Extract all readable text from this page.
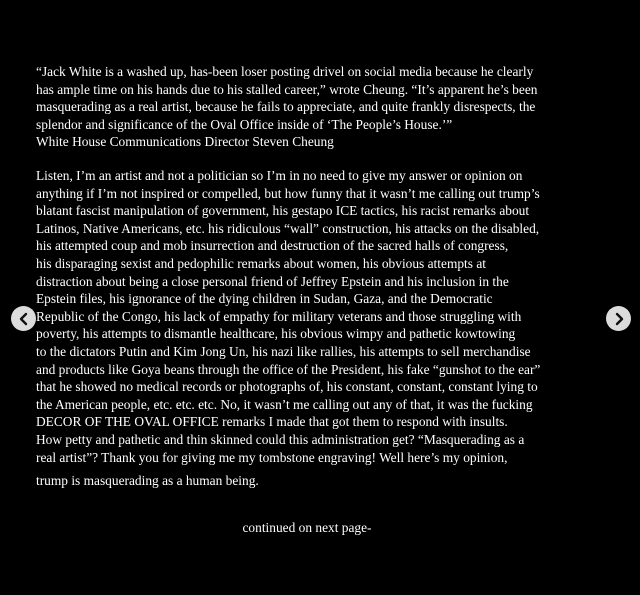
“Jack White is a washed up, has-been loser posting drivel on social media because he clearly
has ample time on his hands due to his stalled career,” wrote Cheung. “It’s apparent he’s been
masquerading as a real artist, because he fails to appreciate, and quite frankly disrespects, the
splendor and significance of the Oval Office inside of ‘The People’s House.’”
White House Communications Director Steven Cheung
Listen, I’m an artist and not a politician so I’m in no need to give my answer or opinion on
anything if I’m not inspired or compelled, but how funny that it wasn’t me calling out trump’s
blatant fascist manipulation of government, his gestapo ICE tactics, his racist remarks about
Latinos, Native Americans, etc. his ridiculous “wall” construction, his attacks on the disabled,
his attempted coup and mob insurrection and destruction of the sacred halls of congress,
his disparaging sexist and pedophilic remarks about women, his obvious attempts at
distraction about being a close personal friend of Jeffrey Epstein and his inclusion in the
Epstein files, his ignorance of the dying children in Sudan, Gaza, and the Democratic
Republic of the Congo, his lack of empathy for military veterans and those struggling with
poverty, his attempts to dismantle healthcare, his obvious wimpy and pathetic kowtowing
to the dictators Putin and Kim Jong Un, his nazi like rallies, his attempts to sell merchandise
and products like Goya beans through the office of the President, his fake “gunshot to the ear”
that he showed no medical records or photographs of, his constant, constant, constant lying to
the American people, etc. etc. etc. No, it wasn’t me calling out any of that, it was the fucking
DECOR OF THE OVAL OFFICE remarks I made that got them to respond with insults.
How petty and pathetic and thin skinned could this administration get? “Masquerading as a
real artist”? Thank you for giving me my tombstone engraving! Well here’s my opinion,
trump is masquerading as a human being.
continued on next page-
